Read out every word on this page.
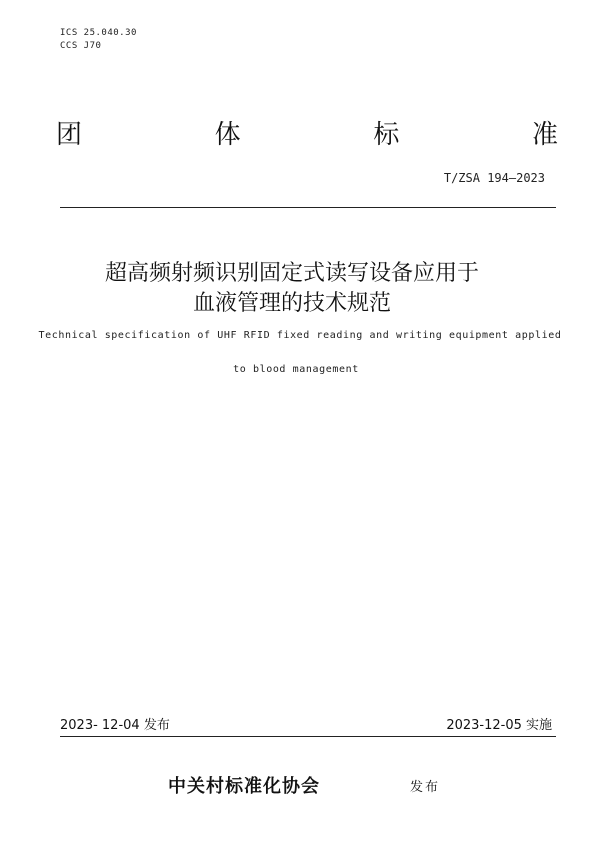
ICS 25.040.30
CCS J70
团	体	标	准
T/ZSA 194—2023
超高频射频识别固定式读写设备应用于
血液管理的技术规范
Technical specification of UHF RFID fixed reading and writing equipment applied
to blood management
2023- 12-04 发布	2023-12-05 实施
中关村标准化协会	发布
